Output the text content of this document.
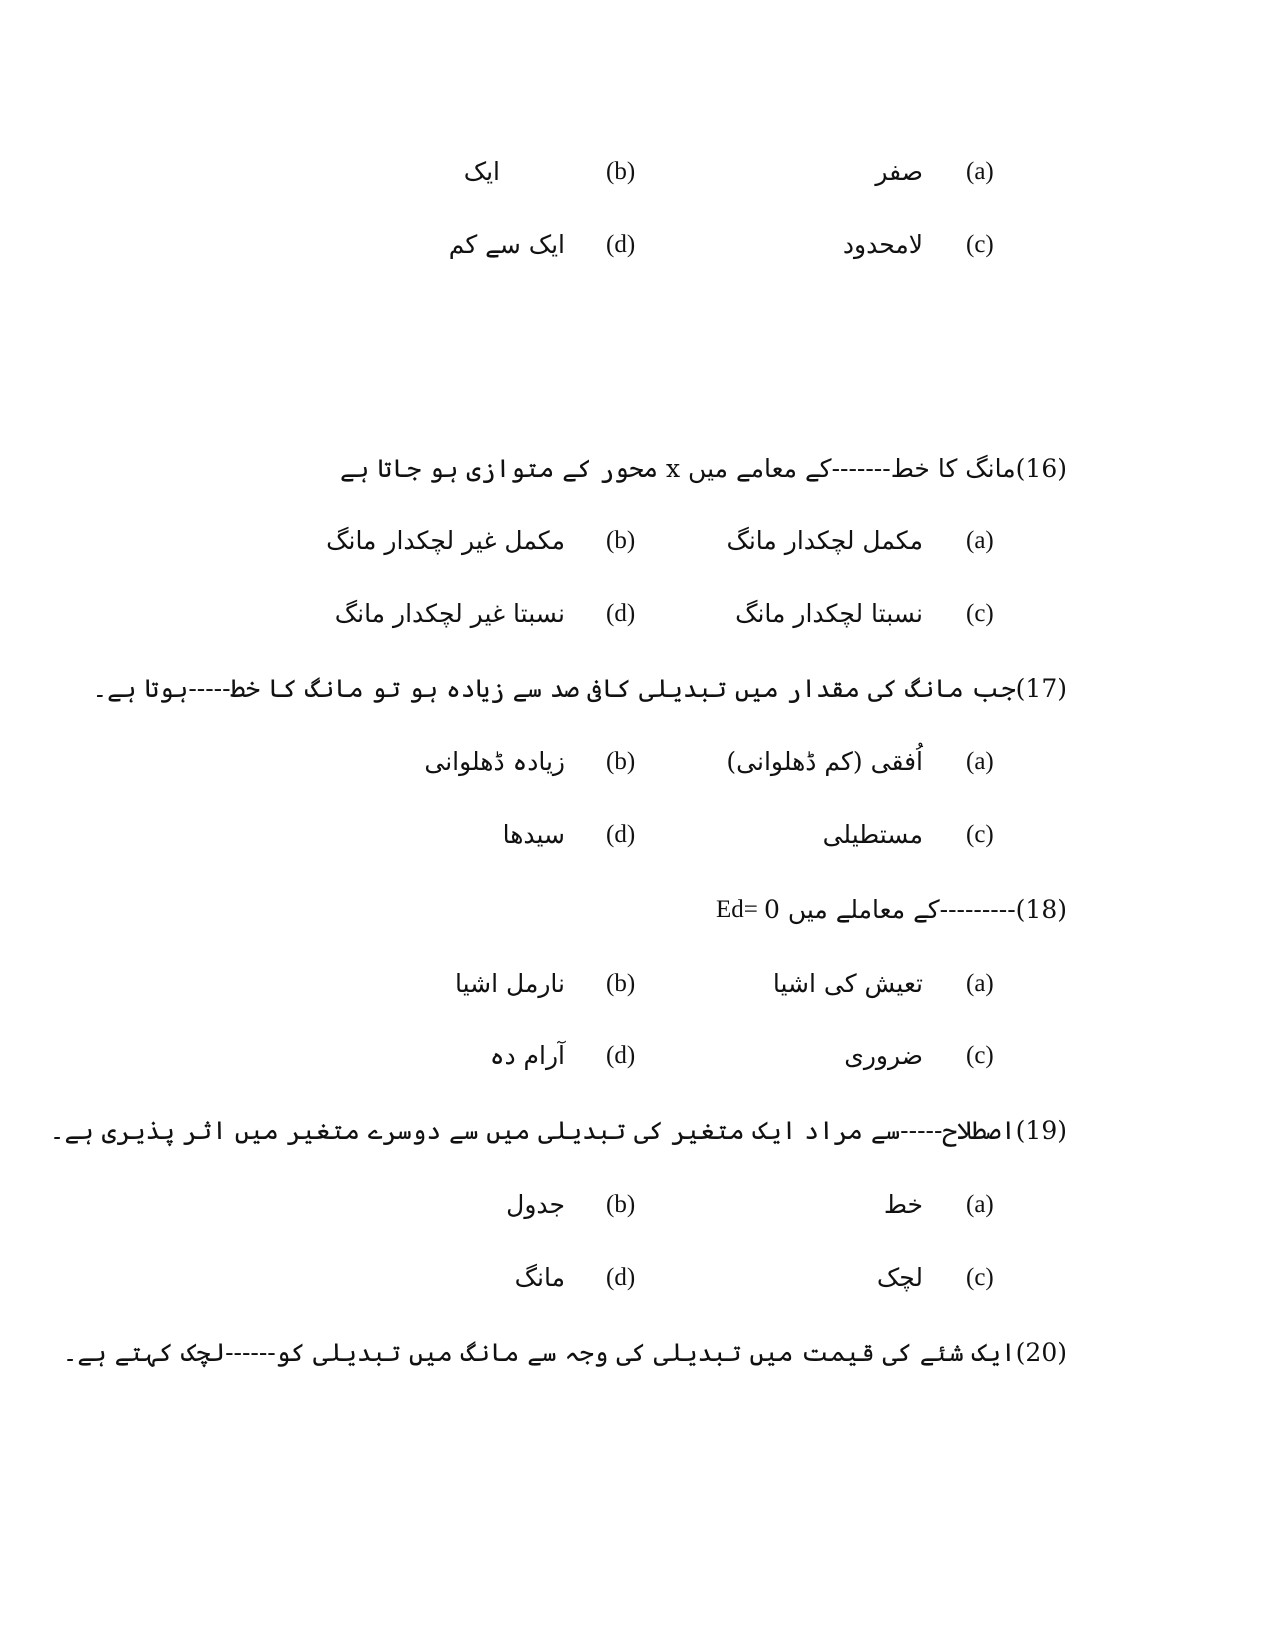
(a)
صفر
(b)
ایک
(c)
لامحدود
(d)
ایک سے کم
(16)مانگ کا خط-------کے معامے میں x محور کے متوازی ہو جاتا ہے
(a)
مکمل لچکدار مانگ
(b)
مکمل غیر لچکدار مانگ
(c)
نسبتا لچکدار مانگ
(d)
نسبتا غیر لچکدار مانگ
(17)جب مانگ کی مقدار میں تبدیلی کافی صد سے زیادہ ہو تو مانگ کا خط-----ہوتا ہے۔
(a)
اُفقی (کم ڈھلوانی)
(b)
زیادہ ڈھلوانی
(c)
مستطیلی
(d)
سیدھا
(18)---------کے معاملے میں 0
Ed=
(a)
تعیش کی اشیا
(b)
نارمل اشیا
(c)
ضروری
(d)
آرام دہ
(19)اصطلاح-----سے مراد ایک متغیر کی تبدیلی میں سے دوسرے متغیر میں اثر پذیری ہے۔
(a)
خط
(b)
جدول
(c)
لچک
(d)
مانگ
(20)ایک شئے کی قیمت میں تبدیلی کی وجہ سے مانگ میں تبدیلی کو------لچک کہتے ہے۔
